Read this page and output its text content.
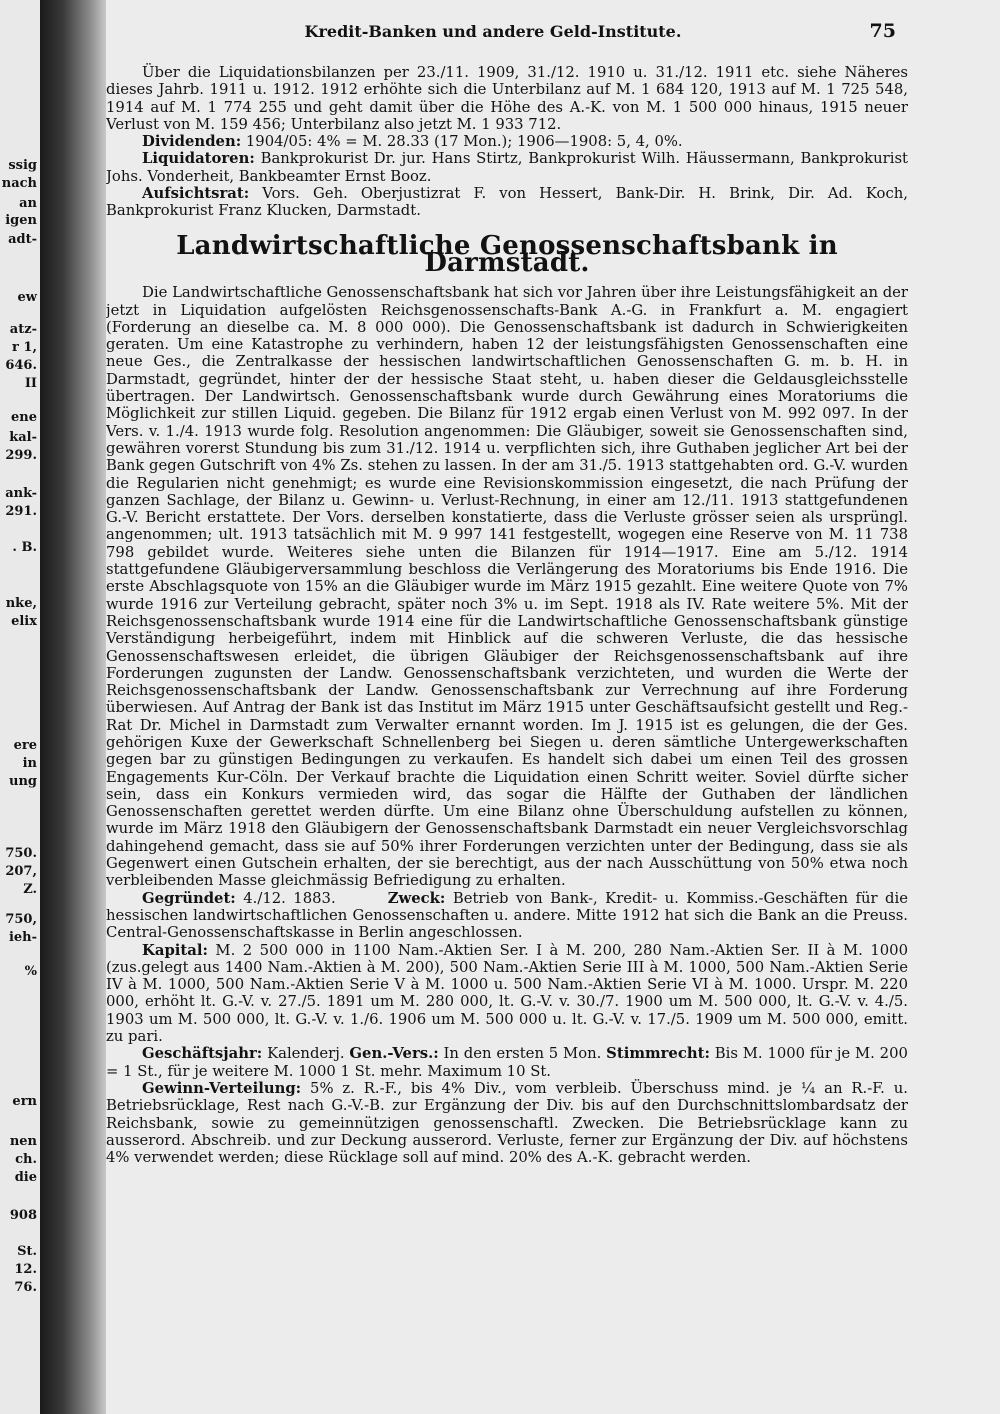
ssig
nach
an
igen
adt-
ew
atz-
r 1,
646.
II
ene
kal-
299.
ank-
291.
. B.
nke,
elix
ere
in
ung
750.
207,
Z.
750,
ieh-
%
ern
nen
ch.
die
908
St.
12.
76.
Kredit-Banken und andere Geld-Institute.	75

Über die Liquidationsbilanzen per 23./11. 1909, 31./12. 1910 u. 31./12. 1911 etc. siehe Näheres dieses Jahrb. 1911 u. 1912. 1912 erhöhte sich die Unterbilanz auf M. 1 684 120, 1913 auf M. 1 725 548, 1914 auf M. 1 774 255 und geht damit über die Höhe des A.-K. von M. 1 500 000 hinaus, 1915 neuer Verlust von M. 159 456; Unterbilanz also jetzt M. 1 933 712.

Dividenden: 1904/05: 4% = M. 28.33 (17 Mon.); 1906—1908: 5, 4, 0%.

Liquidatoren: Bankprokurist Dr. jur. Hans Stirtz, Bankprokurist Wilh. Häussermann, Bankprokurist Johs. Vonderheit, Bankbeamter Ernst Booz.

Aufsichtsrat: Vors. Geh. Oberjustizrat F. von Hessert, Bank-Dir. H. Brink, Dir. Ad. Koch, Bankprokurist Franz Klucken, Darmstadt.

Landwirtschaftliche Genossenschaftsbank in Darmstadt.

Die Landwirtschaftliche Genossenschaftsbank hat sich vor Jahren über ihre Leistungsfähigkeit an der jetzt in Liquidation aufgelösten Reichsgenossenschafts-Bank A.-G. in Frankfurt a. M. engagiert (Forderung an dieselbe ca. M. 8 000 000). Die Genossenschaftsbank ist dadurch in Schwierigkeiten geraten. Um eine Katastrophe zu verhindern, haben 12 der leistungsfähigsten Genossenschaften eine neue Ges., die Zentralkasse der hessischen landwirtschaftlichen Genossenschaften G. m. b. H. in Darmstadt, gegründet, hinter der der hessische Staat steht, u. haben dieser die Geldausgleichsstelle übertragen. Der Landwirtsch. Genossenschaftsbank wurde durch Gewährung eines Moratoriums die Möglichkeit zur stillen Liquid. gegeben. Die Bilanz für 1912 ergab einen Verlust von M. 992 097. In der Vers. v. 1./4. 1913 wurde folg. Resolution angenommen: Die Gläubiger, soweit sie Genossenschaften sind, gewähren vorerst Stundung bis zum 31./12. 1914 u. verpflichten sich, ihre Guthaben jeglicher Art bei der Bank gegen Gutschrift von 4% Zs. stehen zu lassen. In der am 31./5. 1913 stattgehabten ord. G.-V. wurden die Regularien nicht genehmigt; es wurde eine Revisionskommission eingesetzt, die nach Prüfung der ganzen Sachlage, der Bilanz u. Gewinn- u. Verlust-Rechnung, in einer am 12./11. 1913 stattgefundenen G.-V. Bericht erstattete. Der Vors. derselben konstatierte, dass die Verluste grösser seien als ursprüngl. angenommen; ult. 1913 tatsächlich mit M. 9 997 141 festgestellt, wogegen eine Reserve von M. 11 738 798 gebildet wurde. Weiteres siehe unten die Bilanzen für 1914—1917. Eine am 5./12. 1914 stattgefundene Gläubigerversammlung beschloss die Verlängerung des Moratoriums bis Ende 1916. Die erste Abschlagsquote von 15% an die Gläubiger wurde im März 1915 gezahlt. Eine weitere Quote von 7% wurde 1916 zur Verteilung gebracht, später noch 3% u. im Sept. 1918 als IV. Rate weitere 5%. Mit der Reichsgenossenschaftsbank wurde 1914 eine für die Landwirtschaftliche Genossenschaftsbank günstige Verständigung herbeigeführt, indem mit Hinblick auf die schweren Verluste, die das hessische Genossenschaftswesen erleidet, die übrigen Gläubiger der Reichsgenossenschaftsbank auf ihre Forderungen zugunsten der Landw. Genossenschaftsbank verzichteten, und wurden die Werte der Reichsgenossenschaftsbank der Landw. Genossenschaftsbank zur Verrechnung auf ihre Forderung überwiesen. Auf Antrag der Bank ist das Institut im März 1915 unter Geschäftsaufsicht gestellt und Reg.-Rat Dr. Michel in Darmstadt zum Verwalter ernannt worden. Im J. 1915 ist es gelungen, die der Ges. gehörigen Kuxe der Gewerkschaft Schnellenberg bei Siegen u. deren sämtliche Untergewerkschaften gegen bar zu günstigen Bedingungen zu verkaufen. Es handelt sich dabei um einen Teil des grossen Engagements Kur-Cöln. Der Verkauf brachte die Liquidation einen Schritt weiter. Soviel dürfte sicher sein, dass ein Konkurs vermieden wird, das sogar die Hälfte der Guthaben der ländlichen Genossenschaften gerettet werden dürfte. Um eine Bilanz ohne Überschuldung aufstellen zu können, wurde im März 1918 den Gläubigern der Genossenschaftsbank Darmstadt ein neuer Vergleichsvorschlag dahingehend gemacht, dass sie auf 50% ihrer Forderungen verzichten unter der Bedingung, dass sie als Gegenwert einen Gutschein erhalten, der sie berechtigt, aus der nach Ausschüttung von 50% etwa noch verbleibenden Masse gleichmässig Befriedigung zu erhalten.

Gegründet: 4./12. 1883.	Zweck: Betrieb von Bank-, Kredit- u. Kommiss.-Geschäften für die hessischen landwirtschaftlichen Genossenschaften u. andere. Mitte 1912 hat sich die Bank an die Preuss. Central-Genossenschaftskasse in Berlin angeschlossen.

Kapital: M. 2 500 000 in 1100 Nam.-Aktien Ser. I à M. 200, 280 Nam.-Aktien Ser. II à M. 1000 (zus.gelegt aus 1400 Nam.-Aktien à M. 200), 500 Nam.-Aktien Serie III à M. 1000, 500 Nam.-Aktien Serie IV à M. 1000, 500 Nam.-Aktien Serie V à M. 1000 u. 500 Nam.-Aktien Serie VI à M. 1000. Urspr. M. 220 000, erhöht lt. G.-V. v. 27./5. 1891 um M. 280 000, lt. G.-V. v. 30./7. 1900 um M. 500 000, lt. G.-V. v. 4./5. 1903 um M. 500 000, lt. G.-V. v. 1./6. 1906 um M. 500 000 u. lt. G.-V. v. 17./5. 1909 um M. 500 000, emitt. zu pari.

Geschäftsjahr: Kalenderj. Gen.-Vers.: In den ersten 5 Mon. Stimmrecht: Bis M. 1000 für je M. 200 = 1 St., für je weitere M. 1000 1 St. mehr. Maximum 10 St.

Gewinn-Verteilung: 5% z. R.-F., bis 4% Div., vom verbleib. Überschuss mind. je ¼ an R.-F. u. Betriebsrücklage, Rest nach G.-V.-B. zur Ergänzung der Div. bis auf den Durchschnittslombardsatz der Reichsbank, sowie zu gemeinnützigen genossenschaftl. Zwecken. Die Betriebsrücklage kann zu ausserord. Abschreib. und zur Deckung ausserord. Verluste, ferner zur Ergänzung der Div. auf höchstens 4% verwendet werden; diese Rücklage soll auf mind. 20% des A.-K. gebracht werden.
